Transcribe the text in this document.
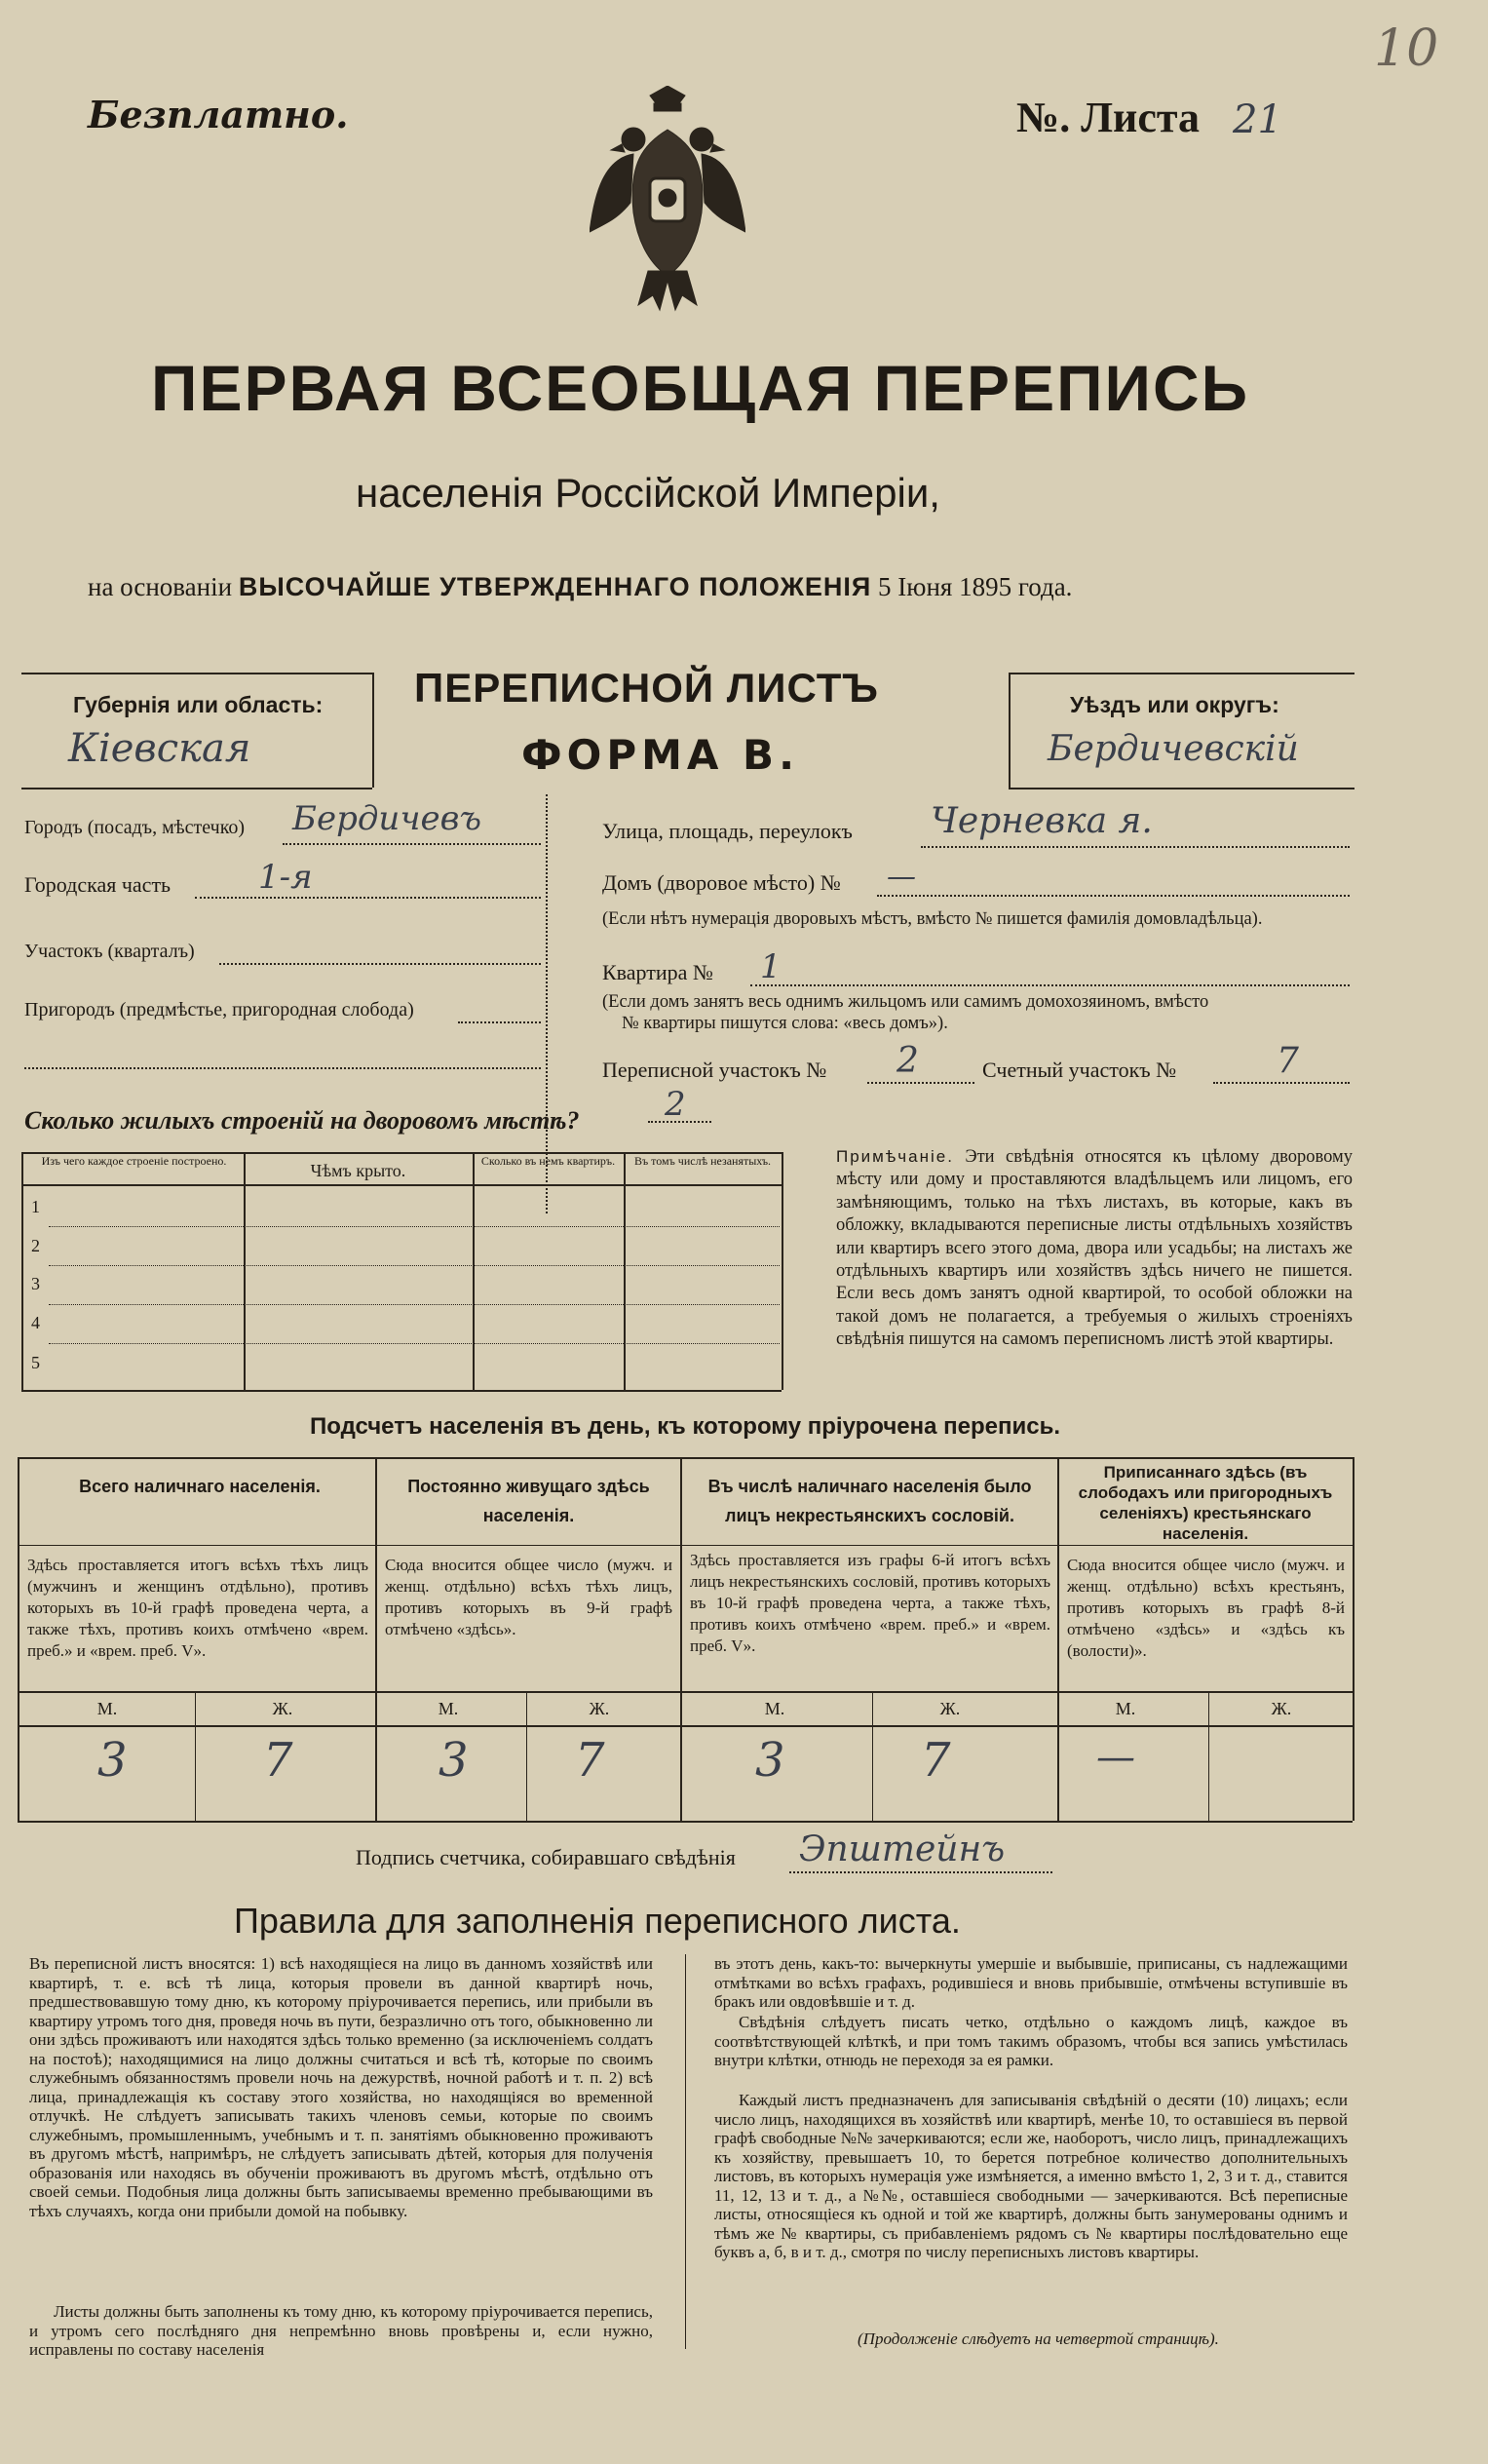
Безплатно.	№. Листа 21
10
ПЕРВАЯ ВСЕОБЩАЯ ПЕРЕПИСЬ
населенія Россійской Имперіи,
на основаніи ВЫСОЧАЙШЕ УТВЕРЖДЕННАГО ПОЛОЖЕНІЯ 5 Іюня 1895 года.
Губернія или область:
Кіевская
ПЕРЕПИСНОЙ ЛИСТЪ
ФОРМА В.
Уѣздъ или округъ:
Бердичевскій
Городъ (посадъ, мѣстечко) Бердичевъ
Городская часть	1-я
Участокъ (кварталъ)
Пригородъ (предмѣстье, пригородная слобода)
Улица, площадь, переулокъ Черневка я.
Домъ (дворовое мѣсто) № —
(Если нѣтъ нумерація дворовыхъ мѣстъ, вмѣсто № пишется фамилія домовладѣльца).
Квартира № 1
(Если домъ занятъ весь однимъ жильцомъ или самимъ домохозяиномъ, вмѣсто
№ квартиры пишутся слова: «весь домъ»).
Переписной участокъ № 2	Счетный участокъ №	7
Сколько жилыхъ строеній на дворовомъ мѣстѣ?	2
Изъ чего каждое строеніе построено.	Чѣмъ крыто.	Сколько въ немъ квартиръ.	Въ томъ числѣ незанятыхъ.
1
2
3
4
5
Примѣчаніе. Эти свѣдѣнія относятся къ цѣлому дворовому мѣсту или дому и проставляются владѣльцемъ или лицомъ, его замѣняющимъ, только на тѣхъ листахъ, въ которые, какъ въ обложку, вкладываются переписные листы отдѣльныхъ хозяйствъ или квартиръ всего этого дома, двора или усадьбы; на листахъ же отдѣльныхъ квартиръ или хозяйствъ здѣсь ничего не пишется. Если весь домъ занятъ одной квартирой, то особой обложки на такой домъ не полагается, а требуемыя о жилыхъ строеніяхъ свѣдѣнія пишутся на самомъ переписномъ листѣ этой квартиры.
Подсчетъ населенія въ день, къ которому пріурочена перепись.
Всего наличнаго населенія.
Здѣсь проставляется итогъ всѣхъ тѣхъ лицъ (мужчинъ и женщинъ отдѣльно), противъ которыхъ въ 10-й графѣ проведена черта, а также тѣхъ, противъ коихъ отмѣчено «врем. преб.» и «врем. преб. V».
Постоянно живущаго здѣсь населенія.
Сюда вносится общее число (мужч. и женщ. отдѣльно) всѣхъ тѣхъ лицъ, противъ которыхъ въ 9-й графѣ отмѣчено «здѣсь».
Въ числѣ наличнаго населенія было лицъ некрестьянскихъ сословій.
Здѣсь проставляется изъ графы 6-й итогъ всѣхъ лицъ некрестьянскихъ сословій, противъ которыхъ въ 10-й графѣ проведена черта, а также тѣхъ, противъ коихъ отмѣчено «врем. преб.» и «врем. преб. V».
Приписаннаго здѣсь (въ слободахъ или пригородныхъ селеніяхъ) крестьянскаго населенія.
Сюда вносится общее число (мужч. и женщ. отдѣльно) всѣхъ крестьянъ, противъ которыхъ въ графѣ 8-й отмѣчено «здѣсь» и «здѣсь къ (волости)».
М.	Ж.	М.	Ж.	М.	Ж.	М.	Ж.
3	7	3 7	3	7	—
Подпись счетчика, собиравшаго свѣдѣнія Эпштейнъ
Правила для заполненія переписного листа.
Въ переписной листъ вносятся: 1) всѣ находящіеся на лицо въ данномъ хозяйствѣ или квартирѣ, т. е. всѣ тѣ лица, которыя провели въ данной квартирѣ ночь, предшествовавшую тому дню, къ которому пріурочивается перепись, или прибыли въ квартиру утромъ того дня, проведя ночь въ пути, безразлично отъ того, обыкновенно ли они здѣсь проживаютъ или находятся здѣсь только временно (за исключеніемъ солдатъ на постоѣ); находящимися на лицо должны считаться и всѣ тѣ, которые по своимъ служебнымъ обязанностямъ провели ночь на дежурствѣ, ночной работѣ и т. п. 2) всѣ лица, принадлежащія къ составу этого хозяйства, но находящіяся во временной отлучкѣ. Не слѣдуетъ записывать такихъ членовъ семьи, которые по своимъ служебнымъ, промышленнымъ, учебнымъ и т. п. занятіямъ обыкновенно проживаютъ въ другомъ мѣстѣ, напримѣръ, не слѣдуетъ записывать дѣтей, которыя для полученія образованія или находясь въ обученіи проживаютъ въ другомъ мѣстѣ, отдѣльно отъ своей семьи. Подобныя лица должны быть записываемы временно пребывающими въ тѣхъ случаяхъ, когда они прибыли домой на побывку.
Листы должны быть заполнены къ тому дню, къ которому пріурочивается перепись, и утромъ сего послѣдняго дня непремѣнно вновь провѣрены и, если нужно, исправлены по составу населенія
въ этотъ день, какъ-то: вычеркнуты умершіе и выбывшіе, приписаны, съ надлежащими отмѣтками во всѣхъ графахъ, родившіеся и вновь прибывшіе, отмѣчены вступившіе въ бракъ или овдовѣвшіе и т. д.
Свѣдѣнія слѣдуетъ писать четко, отдѣльно о каждомъ лицѣ, каждое въ соотвѣтствующей клѣткѣ, и при томъ такимъ образомъ, чтобы вся запись умѣстилась внутри клѣтки, отнюдь не переходя за ея рамки.
Каждый листъ предназначенъ для записыванія свѣдѣній о десяти (10) лицахъ; если число лицъ, находящихся въ хозяйствѣ или квартирѣ, менѣе 10, то оставшіеся въ первой графѣ свободные №№ зачеркиваются; если же, наоборотъ, число лицъ, принадлежащихъ къ хозяйству, превышаетъ 10, то берется потребное количество дополнительныхъ листовъ, въ которыхъ нумерація уже измѣняется, а именно вмѣсто 1, 2, 3 и т. д., ставится 11, 12, 13 и т. д., а №№, оставшіеся свободными — зачеркиваются. Всѣ переписные листы, относящіеся къ одной и той же квартирѣ, должны быть занумерованы однимъ и тѣмъ же № квартиры, съ прибавленіемъ рядомъ съ № квартиры послѣдовательно еще буквъ а, б, в и т. д., смотря по числу переписныхъ листовъ квартиры.
(Продолженіе слѣдуетъ на четвертой страницѣ).
